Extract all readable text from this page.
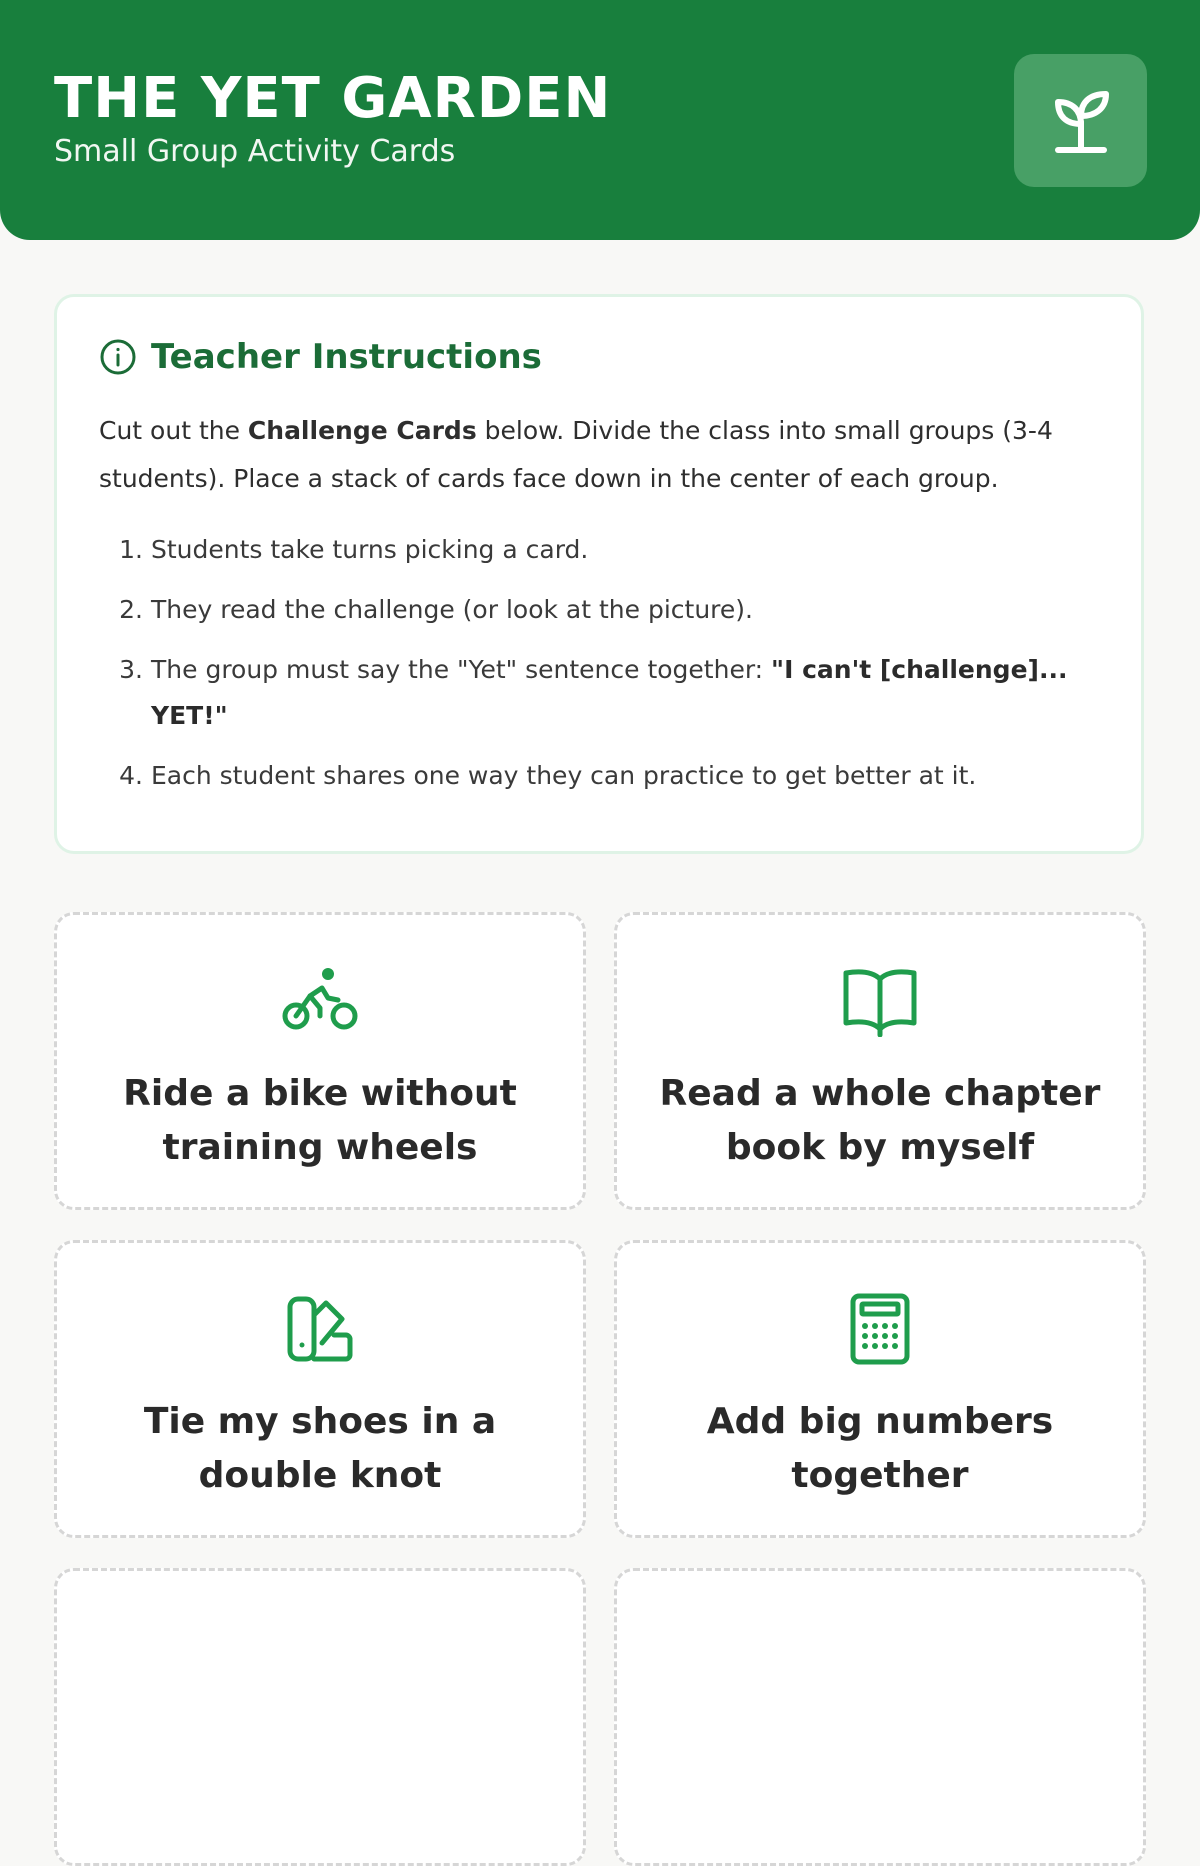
THE YET GARDEN
Small Group Activity Cards
Teacher Instructions

Cut out the Challenge Cards below. Divide the class into small groups (3-4 students). Place a stack of cards face down in the center of each group.

1. Students take turns picking a card.
2. They read the challenge (or look at the picture).
3. The group must say the "Yet" sentence together: "I can't [challenge]... YET!"
4. Each student shares one way they can practice to get better at it.
Ride a bike without training wheels
Read a whole chapter book by myself
Tie my shoes in a double knot
Add big numbers together
